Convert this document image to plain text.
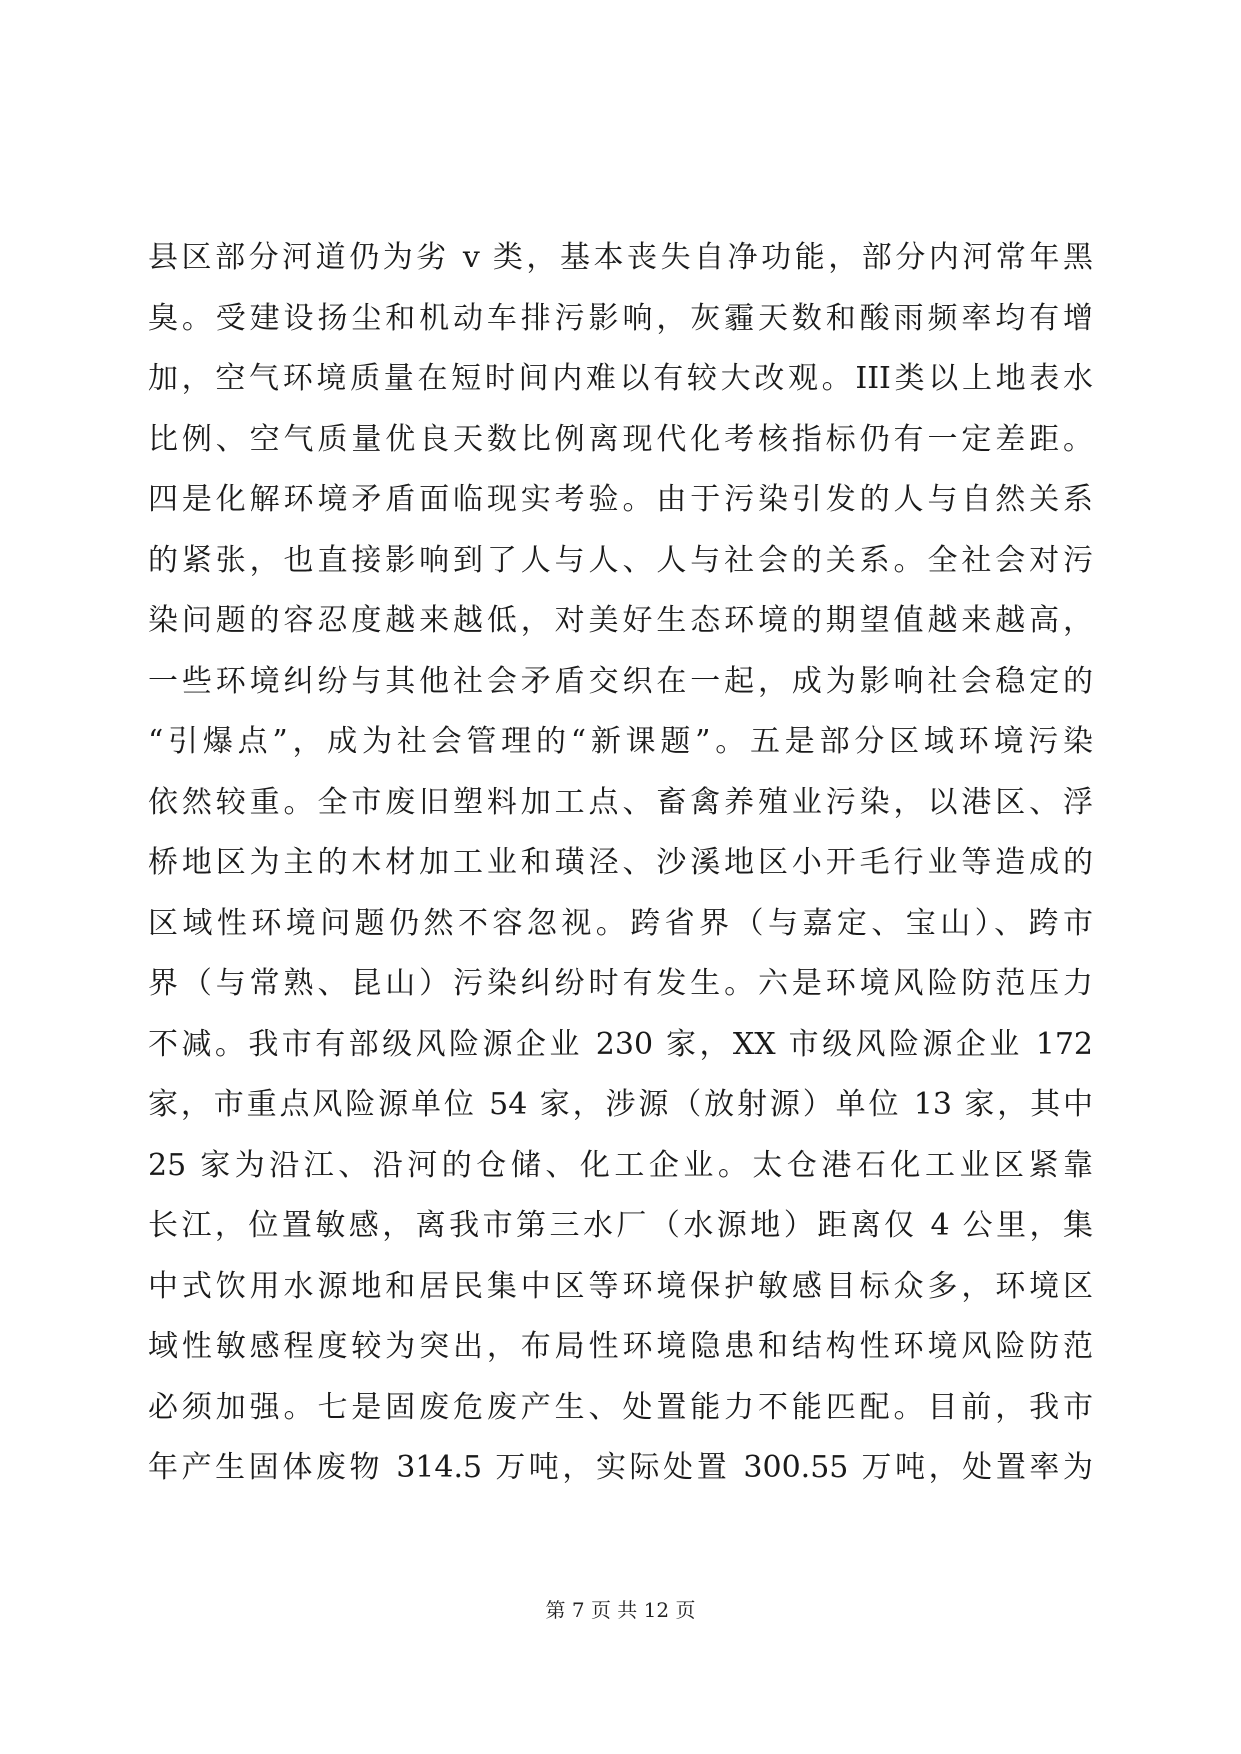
县区部分河道仍为劣 v 类，基本丧失自净功能，部分内河常年黑
臭。受建设扬尘和机动车排污影响，灰霾天数和酸雨频率均有增
加，空气环境质量在短时间内难以有较大改观。III类以上地表水
比例、空气质量优良天数比例离现代化考核指标仍有一定差距。
四是化解环境矛盾面临现实考验。由于污染引发的人与自然关系
的紧张，也直接影响到了人与人、人与社会的关系。全社会对污
染问题的容忍度越来越低，对美好生态环境的期望值越来越高，
一些环境纠纷与其他社会矛盾交织在一起，成为影响社会稳定的
“引爆点”，成为社会管理的“新课题”。五是部分区域环境污染
依然较重。全市废旧塑料加工点、畜禽养殖业污染，以港区、浮
桥地区为主的木材加工业和璜泾、沙溪地区小开毛行业等造成的
区域性环境问题仍然不容忽视。跨省界（与嘉定、宝山）、跨市
界（与常熟、昆山）污染纠纷时有发生。六是环境风险防范压力
不减。我市有部级风险源企业 230 家，XX 市级风险源企业 172
家，市重点风险源单位 54 家，涉源（放射源）单位 13 家，其中
25 家为沿江、沿河的仓储、化工企业。太仓港石化工业区紧靠
长江，位置敏感，离我市第三水厂（水源地）距离仅 4 公里，集
中式饮用水源地和居民集中区等环境保护敏感目标众多，环境区
域性敏感程度较为突出，布局性环境隐患和结构性环境风险防范
必须加强。七是固废危废产生、处置能力不能匹配。目前，我市
年产生固体废物 314.5 万吨，实际处置 300.55 万吨，处置率为
第 7 页 共 12 页
